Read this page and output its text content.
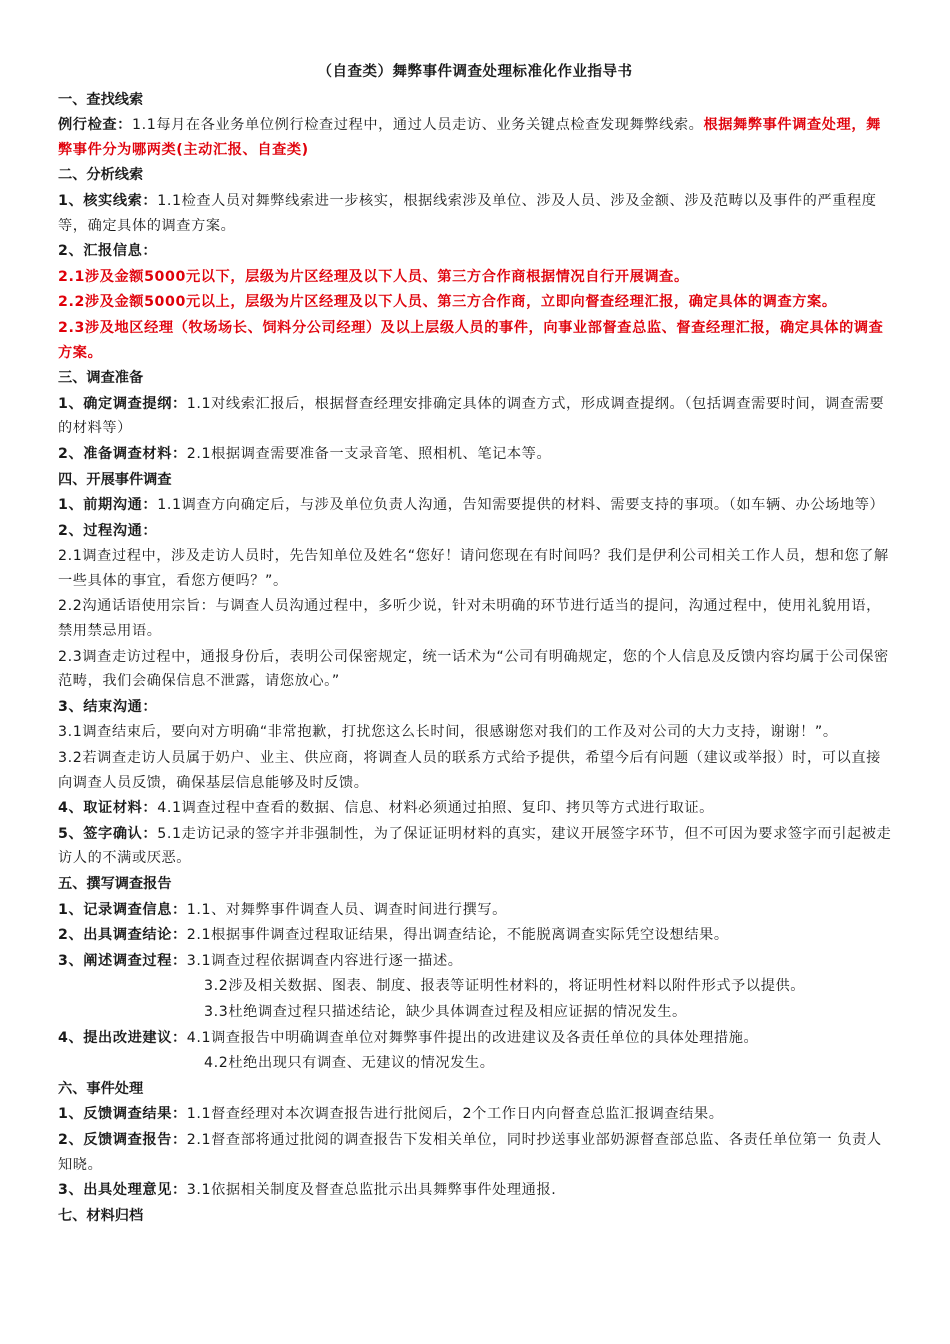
（自查类）舞弊事件调查处理标准化作业指导书
一、查找线索

例行检查：1.1每月在各业务单位例行检查过程中，通过人员走访、业务关键点检查发现舞弊线索。根据舞弊事件调查处理，舞弊事件分为哪两类(主动汇报、自查类)

二、分析线索

1、核实线索：1.1检查人员对舞弊线索进一步核实，根据线索涉及单位、涉及人员、涉及金额、涉及范畴以及事件的严重程度等，确定具体的调查方案。

2、汇报信息：

2.1涉及金额5000元以下，层级为片区经理及以下人员、第三方合作商根据情况自行开展调查。

2.2涉及金额5000元以上，层级为片区经理及以下人员、第三方合作商，立即向督查经理汇报，确定具体的调查方案。

2.3涉及地区经理（牧场场长、饲料分公司经理）及以上层级人员的事件，向事业部督查总监、督查经理汇报，确定具体的调查方案。

三、调查准备

1、确定调查提纲：1.1对线索汇报后，根据督查经理安排确定具体的调查方式，形成调查提纲。（包括调查需要时间，调查需要的材料等）

2、准备调查材料：2.1根据调查需要准备一支录音笔、照相机、笔记本等。

四、开展事件调查

1、前期沟通：1.1调查方向确定后，与涉及单位负责人沟通，告知需要提供的材料、需要支持的事项。（如车辆、办公场地等）

2、过程沟通：

2.1调查过程中，涉及走访人员时，先告知单位及姓名“您好！请问您现在有时间吗？我们是伊利公司相关工作人员，想和您了解一些具体的事宜，看您方便吗？”。

2.2沟通话语使用宗旨：与调查人员沟通过程中，多听少说，针对未明确的环节进行适当的提问，沟通过程中，使用礼貌用语，禁用禁忌用语。

2.3调查走访过程中，通报身份后，表明公司保密规定，统一话术为“公司有明确规定，您的个人信息及反馈内容均属于公司保密范畴，我们会确保信息不泄露，请您放心。”

3、结束沟通：

3.1调查结束后，要向对方明确“非常抱歉，打扰您这么长时间，很感谢您对我们的工作及对公司的大力支持，谢谢！”。

3.2若调查走访人员属于奶户、业主、供应商，将调查人员的联系方式给予提供，希望今后有问题（建议或举报）时，可以直接向调查人员反馈，确保基层信息能够及时反馈。

4、取证材料：4.1调查过程中查看的数据、信息、材料必须通过拍照、复印、拷贝等方式进行取证。

5、签字确认：5.1走访记录的签字并非强制性，为了保证证明材料的真实，建议开展签字环节，但不可因为要求签字而引起被走访人的不满或厌恶。

五、撰写调查报告

1、记录调查信息：1.1、对舞弊事件调查人员、调查时间进行撰写。

2、出具调查结论：2.1根据事件调查过程取证结果，得出调查结论，不能脱离调查实际凭空设想结果。

3、阐述调查过程：3.1调查过程依据调查内容进行逐一描述。

3.2涉及相关数据、图表、制度、报表等证明性材料的，将证明性材料以附件形式予以提供。

3.3杜绝调查过程只描述结论，缺少具体调查过程及相应证据的情况发生。

4、提出改进建议：4.1调查报告中明确调查单位对舞弊事件提出的改进建议及各责任单位的具体处理措施。

4.2杜绝出现只有调查、无建议的情况发生。

六、事件处理

1、反馈调查结果：1.1督查经理对本次调查报告进行批阅后，2个工作日内向督查总监汇报调查结果。

2、反馈调查报告：2.1督查部将通过批阅的调查报告下发相关单位，同时抄送事业部奶源督查部总监、各责任单位第一 负责人知晓。

3、出具处理意见：3.1依据相关制度及督查总监批示出具舞弊事件处理通报.

七、材料归档
